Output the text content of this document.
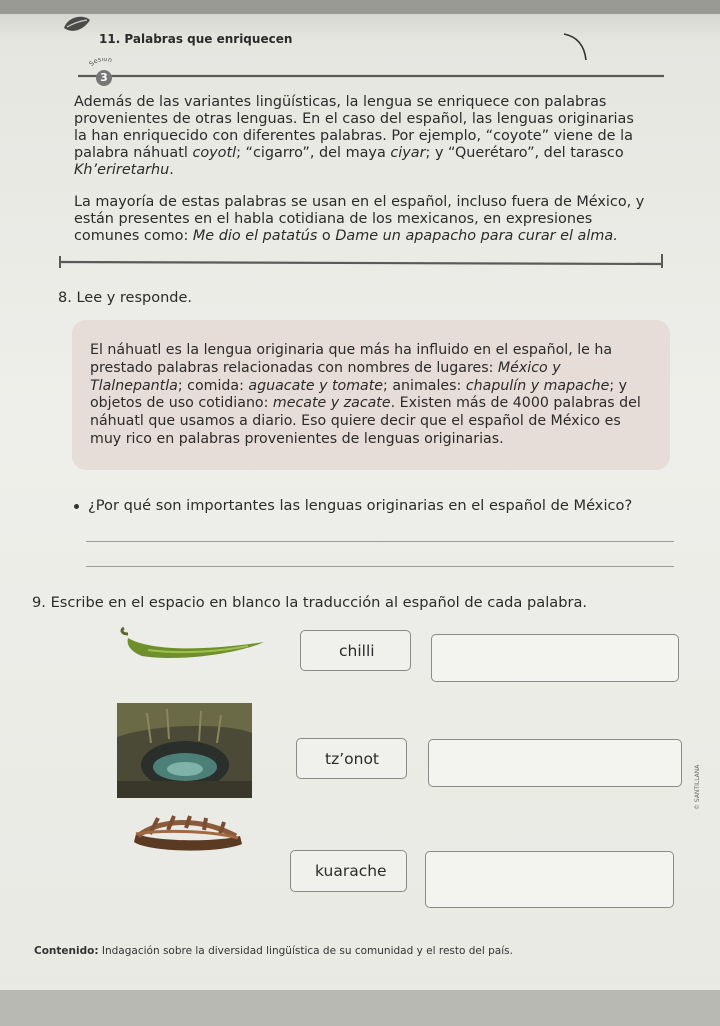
11. Palabras que enriquecen
Además de las variantes lingüísticas, la lengua se enriquece con palabras provenientes de otras lenguas. En el caso del español, las lenguas originarias la han enriquecido con diferentes palabras. Por ejemplo, “coyote” viene de la palabra náhuatl coyotl; “cigarro”, del maya ciyar; y “Querétaro”, del tarasco Kh’eriretarhu.
La mayoría de estas palabras se usan en el español, incluso fuera de México, y están presentes en el habla cotidiana de los mexicanos, en expresiones comunes como: Me dio el patatús o Dame un apapacho para curar el alma.
Sesión
3
8. Lee y responde.

El náhuatl es la lengua originaria que más ha influido en el español, le ha prestado palabras relacionadas con nombres de lugares: México y Tlalnepantla; comida: aguacate y tomate; animales: chapulín y mapache; y objetos de uso cotidiano: mecate y zacate. Existen más de 4000 palabras del náhuatl que usamos a diario. Eso quiere decir que el español de México es muy rico en palabras provenientes de lenguas originarias.

¿Por qué son importantes las lenguas originarias en el español de México?
9. Escribe en el espacio en blanco la traducción al español de cada palabra.
chilli
tz’onot
kuarache
© SANTILLANA
Contenido: Indagación sobre la diversidad lingüística de su comunidad y el resto del país.
